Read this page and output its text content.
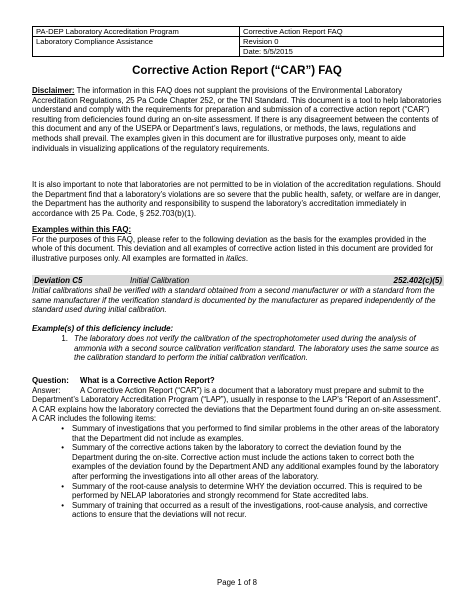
PA-DEP Laboratory Accreditation Program	Corrective Action Report FAQ
Laboratory Compliance Assistance	Revision 0
	Date: 5/5/2015
Corrective Action Report (“CAR”) FAQ
Disclaimer: The information in this FAQ does not supplant the provisions of the Environmental Laboratory Accreditation Regulations, 25 Pa Code Chapter 252, or the TNI Standard. This document is a tool to help laboratories understand and comply with the requirements for preparation and submission of a corrective action report (“CAR”) resulting from deficiencies found during an on-site assessment. If there is any disagreement between the contents of this document and any of the USEPA or Department’s laws, regulations, or methods, the laws, regulations and methods shall prevail. The examples given in this document are for illustrative purposes only, meant to aide individuals in visualizing applications of the regulatory requirements.
It is also important to note that laboratories are not permitted to be in violation of the accreditation regulations. Should the Department find that a laboratory’s violations are so severe that the public health, safety, or welfare are in danger, the Department has the authority and responsibility to suspend the laboratory’s accreditation immediately in accordance with 25 Pa. Code, § 252.703(b)(1).
Examples within this FAQ:
For the purposes of this FAQ, please refer to the following deviation as the basis for the examples provided in the whole of this document. This deviation and all examples of corrective action listed in this document are provided for illustrative purposes only. All examples are formatted in italics.
Deviation C5	Initial Calibration	252.402(c)(5)
Initial calibrations shall be verified with a standard obtained from a second manufacturer or with a standard from the same manufacturer if the verification standard is documented by the manufacturer as prepared independently of the standard used during initial calibration.
Example(s) of this deficiency include:
1. The laboratory does not verify the calibration of the spectrophotometer used during the analysis of ammonia with a second source calibration verification standard. The laboratory uses the same source as the calibration standard to perform the initial calibration verification.
Question: What is a Corrective Action Report?
Answer: A Corrective Action Report (“CAR”) is a document that a laboratory must prepare and submit to the Department’s Laboratory Accreditation Program (“LAP”), usually in response to the LAP’s “Report of an Assessment”. A CAR explains how the laboratory corrected the deviations that the Department found during an on-site assessment. A CAR includes the following items:
•	Summary of investigations that you performed to find similar problems in the other areas of the laboratory that the Department did not include as examples.
•	Summary of the corrective actions taken by the laboratory to correct the deviation found by the Department during the on-site. Corrective action must include the actions taken to correct both the examples of the deviation found by the Department AND any additional examples found by the laboratory after performing the investigations into all other areas of the laboratory.
•	Summary of the root-cause analysis to determine WHY the deviation occurred. This is required to be performed by NELAP laboratories and strongly recommend for State accredited labs.
•	Summary of training that occurred as a result of the investigations, root-cause analysis, and corrective actions to ensure that the deviations will not recur.
Page 1 of 8
